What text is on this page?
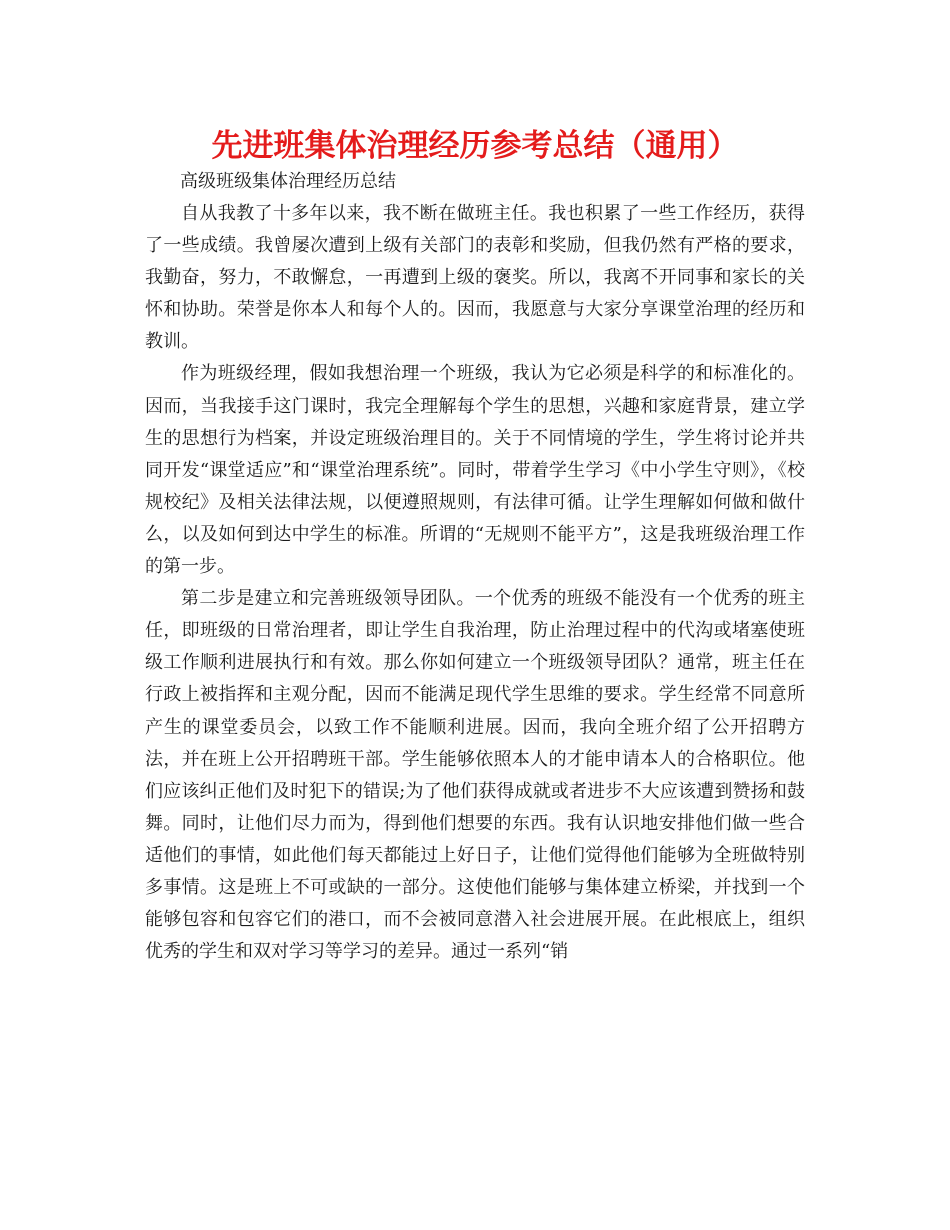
先进班集体治理经历参考总结（通用）
高级班级集体治理经历总结

自从我教了十多年以来，我不断在做班主任。我也积累了一些工作经历，获得了一些成绩。我曾屡次遭到上级有关部门的表彰和奖励，但我仍然有严格的要求，我勤奋，努力，不敢懈怠，一再遭到上级的褒奖。所以，我离不开同事和家长的关怀和协助。荣誉是你本人和每个人的。因而，我愿意与大家分享课堂治理的经历和教训。

作为班级经理，假如我想治理一个班级，我认为它必须是科学的和标准化的。因而，当我接手这门课时，我完全理解每个学生的思想，兴趣和家庭背景，建立学生的思想行为档案，并设定班级治理目的。关于不同情境的学生，学生将讨论并共同开发“课堂适应”和“课堂治理系统”。同时，带着学生学习《中小学生守则》，《校规校纪》及相关法律法规，以便遵照规则，有法律可循。让学生理解如何做和做什么，以及如何到达中学生的标准。所谓的“无规则不能平方”，这是我班级治理工作的第一步。

第二步是建立和完善班级领导团队。一个优秀的班级不能没有一个优秀的班主任，即班级的日常治理者，即让学生自我治理，防止治理过程中的代沟或堵塞使班级工作顺利进展执行和有效。那么你如何建立一个班级领导团队？通常，班主任在行政上被指挥和主观分配，因而不能满足现代学生思维的要求。学生经常不同意所产生的课堂委员会，以致工作不能顺利进展。因而，我向全班介绍了公开招聘方法，并在班上公开招聘班干部。学生能够依照本人的才能申请本人的合格职位。他们应该纠正他们及时犯下的错误;为了他们获得成就或者进步不大应该遭到赞扬和鼓舞。同时，让他们尽力而为，得到他们想要的东西。我有认识地安排他们做一些合适他们的事情，如此他们每天都能过上好日子，让他们觉得他们能够为全班做特别多事情。这是班上不可或缺的一部分。这使他们能够与集体建立桥梁，并找到一个能够包容和包容它们的港口，而不会被同意潜入社会进展开展。在此根底上，组织优秀的学生和双对学习等学习的差异。通过一系列“销
